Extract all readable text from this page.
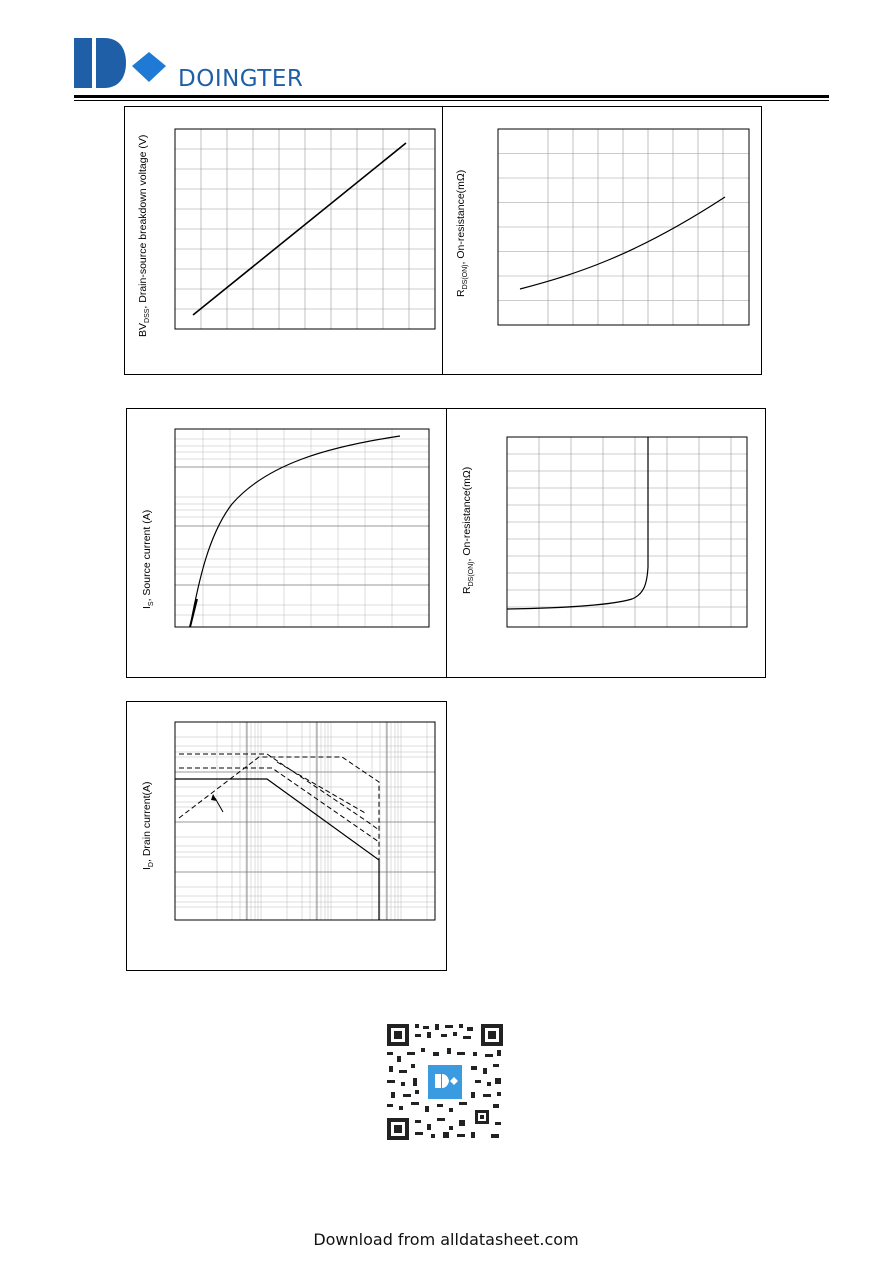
DOINGTER
$BV_{DSS}$, Drain-source breakdown voltage (V)	$R_{DS(ON)}$, On-resistance(mΩ)
$I_S$, Source current (A)	$R_{DS(ON)}$, On-resistance(mΩ)
$I_D$, Drain current(A)
Download from alldatasheet.com
